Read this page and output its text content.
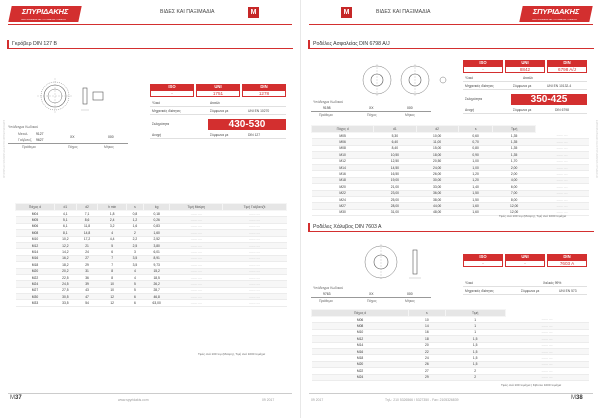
ΣΠΥΡΙΔΑΚΗΣ
ΕΜΠΟΡΙΑ ΒΙΔΩΝ ΚΑΙ ΣΥΣΤΗΜΑΤΩΝ ΣΥΝΔΕΣΗΣ
ΒΙΔΕΣ ΚΑΙ ΠΑΞΙΜΑΔΙΑ	M
Γκρόβερ DIN 127 B
ISO	UNI	DIN
-	1751	1278
Υλικό	Ατσάλι
Μηχανικές ιδιότητες	Σύμφωνα με	UNI EN 10270
Σκληρότητα	430-530
Ανοχή	Σύμφωνα με	DIN 127
Υπόδειγμα Κωδικού
Μεταλ. 9127
Γαλβανιζ. 9627
XX	000
Πρόθεμα	Πάχος	Μήκος
Πάχος d	d1	d2	h min	s	kg	Τιμή Μαύρη	Τιμή Γαλβανιζέ
M04	4,1	7,1	1,8	0,8	0,18	------- ----	------- ----
M05	5,1	8,6	2,4	1,2	0,26	------- ----	------- ----
M06	6,1	11,8	3,2	1,6	0,83	------- ----	------- ----
M08	8,1	14,8	4	2	1,60	------- ----	------- ----
M10	10,2	17,2	4,4	2,2	2,52	------- ----	------- ----
M12	12,2	21	5	2,5	3,80	------- ----	------- ----
M14	14,2	24	6	3	6,01	------- ----	------- ----
M16	16,2	27	7	3,5	8,91	------- ----	------- ----
M18	18,2	29	7	3,5	9,73	------- ----	------- ----
M20	20,2	31	8	4	15,2	------- ----	------- ----
M22	22,5	36	8	4	18,5	------- ----	------- ----
M24	24,5	39	10	5	26,2	------- ----	------- ----
M27	27,5	43	10	5	28,7	------- ----	------- ----
M30	30,5	47	12	6	46,8	------- ----	------- ----
M33	33,5	54	12	6	63,00	------- ----	------- ----
Τιμές ανά 100 τεμ (Μαύρη), Τιμή ανά 1000 τεμάχια
M37	www.spyridakis.com	09 2017
ΕΜΠΟΡΙΑ ΒΙΔΩΝ ΚΑΙ ΣΥΣΤΗΜΑΤΩΝ ΣΥΝΔΕΣΗΣ
M	ΒΙΔΕΣ ΚΑΙ ΠΑΞΙΜΑΔΙΑ	ΣΠΥΡΙΔΑΚΗΣ
ΕΜΠΟΡΙΑ ΒΙΔΩΝ ΚΑΙ ΣΥΣΤΗΜΑΤΩΝ ΣΥΝΔΕΣΗΣ
Ροδέλες Ασφαλείας DIN 6798 A/J
ISO	UNI	DIN
-	8842	6798 A/J
Υλικό	Ατσάλι
Μηχανικές ιδιότητες	Σύμφωνα με	UNI EN 10132-4
Σκληρότητα	350-425
Ανοχή	Σύμφωνα με	DIN 6798
Υπόδειγμα Κωδικού
9198	XX	000
Πρόθεμα	Πάχος	Μήκος
Πάχος d	d1	d2	s	Τιμή	
M05	5,30	10,00	0,60	1,35	------- ----
M06	6,40	11,00	0,70	1,35	------- ----
M08	8,40	15,00	0,80	1,35	------- ----
M10	10,50	18,00	0,90	1,35	------- ----
M12	12,50	20,50	1,00	1,70	------- ----
M14	14,50	24,00	1,00	2,00	------- ----
M16	16,50	26,00	1,20	2,00	------- ----
M18	19,00	30,00	1,20	4,00	------- ----
M20	21,00	33,00	1,40	6,00	------- ----
M22	23,00	36,00	1,50	7,00	------- ----
M24	25,00	38,00	1,50	8,00	------- ----
M27	28,00	44,00	1,60	12,00	------- ----
M30	31,00	48,00	1,60	12,00	------- ----
Τιμές ανά 100 τεμ (Μαύρη), Τιμή ανά 1000 τεμάχια
Ροδέλες Χάλυβος DIN 7603 A
ISO	UNI	DIN
-	-	7603 A
Υλικό	Χαλκός 99%
Μηχανικές ιδιότητες	Σύμφωνα με	UNI EN 573
Υπόδειγμα Κωδικού
9763	XX	000
Πρόθεμα	Πάχος	Μήκος
Πάχος d	s	Τιμή	
M06	10	1	------- ----
M08	14	1	------- ----
M10	16	1	------- ----
M12	18	1,5	------- ----
M14	20	1,5	------- ----
M16	22	1,5	------- ----
M18	24	1,5	------- ----
M20	26	1,5	------- ----
M22	27	2	------- ----
M24	29	2	------- ----
Τιμές ανά 100 τεμάχια | Κιβώτιο 1000 τεμάχια
09 2017	Τηλ.: 210 5326566 / 5327350 - Fax: 2105326839	M38
ΕΜΠΟΡΙΑ ΒΙΔΩΝ ΚΑΙ ΣΥΣΤΗΜΑΤΩΝ ΣΥΝΔΕΣΗΣ
